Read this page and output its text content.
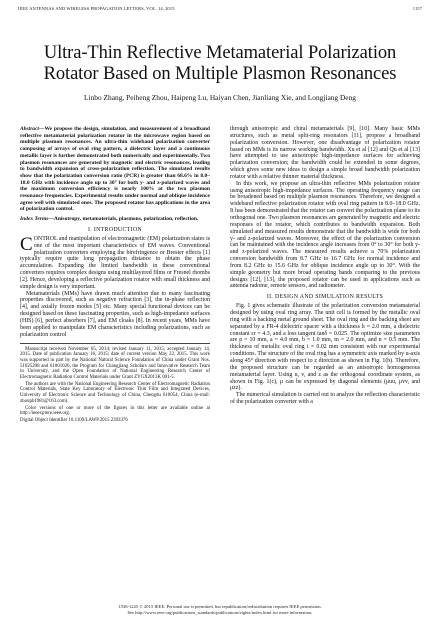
IEEE ANTENNAS AND WIRELESS PROPAGATION LETTERS, VOL. 14, 2015	1157
Ultra-Thin Reflective Metamaterial Polarization
Rotator Based on Multiple Plasmon Resonances
Linbo Zhang, Peiheng Zhou, Haipeng Lu, Haiyan Chen, Jianliang Xie, and Longjiang Deng

Abstract—We propose the design, simulation, and measurement of a broadband reflective metamaterial polarization rotator in the microwave region based on multiple plasmon resonances. An ultra-thin wideband polarization converter composing of arrays of oval ring pattern, a dielectric layer and a continuous metallic layer is further demonstrated both numerically and experimentally. Two plasmon resonances are generated by magnetic and electric resonances, leading to bandwidth expansion of cross-polarization reflection. The simulated results show that the polarization conversion ratio (PCR) is greater than 68.6% in 8.0–18.0 GHz with incidence angle up to 30° for both y- and z-polarized waves and the maximum conversion efficiency is nearly 100% at the two plasmon resonance frequencies. Experimental results under normal and oblique incidence agree well with simulated ones. The proposed rotator has applications in the area of polarization control.

Index Terms—Anisotropy, metamaterials, plasmons, polarization, reflection.

I. INTRODUCTION

CONTROL and manipulation of electromagnetic (EM) polarization states is one of the most important characteristics of EM waves. Conventional polarization converters employing the birefringence or Brester effects [1] typically require quite long propagation distance to obtain the phase accumulation. Expanding the limited bandwidth in these conventional converters requires complex designs using multilayered films or Fresnel rhombs [2]. Hence, developing a reflective polarization rotator with small thickness and simple design is very important.

Metamaterials (MMs) have drawn much attention due to many fascinating properties discovered, such as negative refraction [3], the in-phase reflection [4], and axially frozen modes [5] etc. Many special functional devices can be designed based on these fascinating properties, such as high-impedance surfaces (HIS) [6], perfect absorbers [7], and EM cloaks [8]. In recent years, MMs have been applied to manipulate EM characteristics including polarizations, such as polarization control

Manuscript received November 05, 2014; revised January 11, 2015; accepted January 14, 2015. Date of publication January 16, 2015; date of current version May 22, 2015. This work was supported in part by the National Natural Science Foundation of China under Grant Nos. 51025208 and 61001026, the Program for Changjiang Scholars and Innovative Research Team in University, and the Open Foundation of National Engineering Research Center of Electromagnetic Radiation Control Materials under Grant ZYGX2013K 001-5.

The authors are with the National Engineering Research Center of Electromagnetic Radiation Control Materials, State Key Laboratory of Electronic Thin Film and Integrated Devices, University of Electronic Science and Technology of China, Chengdu 610054, China (e-mail: zhoupb1981@163.com).

Color versions of one or more of the figures in this letter are available online at http://ieeexplore.ieee.org.

Digital Object Identifier 10.1109/LAWP.2015.2393376

through anisotropic and chiral metamaterials [9], [10]. Many basic MMs structures, such as metal split-ring resonators [11], propose a broadband polarization conversion. However, one disadvantage of polarization rotator based on MMs is its narrow working bandwidth. Xu et al [12] and Qu et al [13] have attempted to use anisotropic high-impedance surfaces for achieving polarization conversion; the bandwidth could be extended in some degrees, which gives some new ideas to design a simple broad bandwidth polarization rotator with a relative thinner material thickness.

In this work, we propose an ultra-thin reflective MMs polarization rotator using anisotropic high-impedance surfaces. The operating frequency range can be broadened based on multiple plasmon resonances. Therefore, we designed a wideband reflective polarization rotator with oval ring pattern in 8.0–18.0 GHz. It has been demonstrated that the rotator can convert the polarization plane to its orthogonal one. Two plasmon resonances are generated by magnetic and electric responses of the rotator, which contributes to bandwidth expansion. Both simulated and measured results demonstrate that the bandwidth is wide for both y- and z-polarized waves. Moreover, the effect of the polarization conversion can be maintained with the incidence angle increases from 0° to 30° for both y- and z-polarized waves. The measured results achieve a 70% polarization conversion bandwidth from 8.7 GHz to 16.7 GHz for normal incidence and from 8.2 GHz to 15.6 GHz for oblique incidence angle up to 30°. With the simple geometry but more broad operating bands comparing to the previous designs [12], [13], the proposed rotator can be used in applications such as antenna radome, remote sensors, and radiometer.

II. DESIGN AND SIMULATION RESULTS

Fig. 1 gives schematic illustrate of the polarization conversion metamaterial designed by using oval ring array. The unit cell is formed by the metallic oval ring with a backing metal ground sheet. The oval ring and the backing sheet are separated by a FR-4 dielectric spacer with a thickness h = 2.0 mm, a dielectric constant εr = 4.3, and a loss tangent tanδ = 0.025. The optimize size parameters are p = 10 mm, a = 4.0 mm, b = 1.0 mm, m = 2.0 mm, and n = 0.5 mm. The thickness of metallic oval ring t = 0.02 mm consistent with our experimental conditions. The structure of the oval ring has a symmetric axis marked by u-axis along 45° direction with respect to z direction as shown in Fig. 1(b). Therefore, the proposed structure can be regarded as an anisotropic homogeneous metamaterial layer. Using u, v, and z as the orthogonal coordinate system, as shown in Fig. 1(c), μ can be expressed by diagonal elements (μuu, μvv, and μzz).

The numerical simulation is carried out to analyze the reflection characteristic of the polarization converter with a

1536-1225 © 2015 IEEE. Personal use is permitted, but republication/redistribution requires IEEE permission.
See http://www.ieee.org/publications_standards/publications/rights/index.html for more information.
